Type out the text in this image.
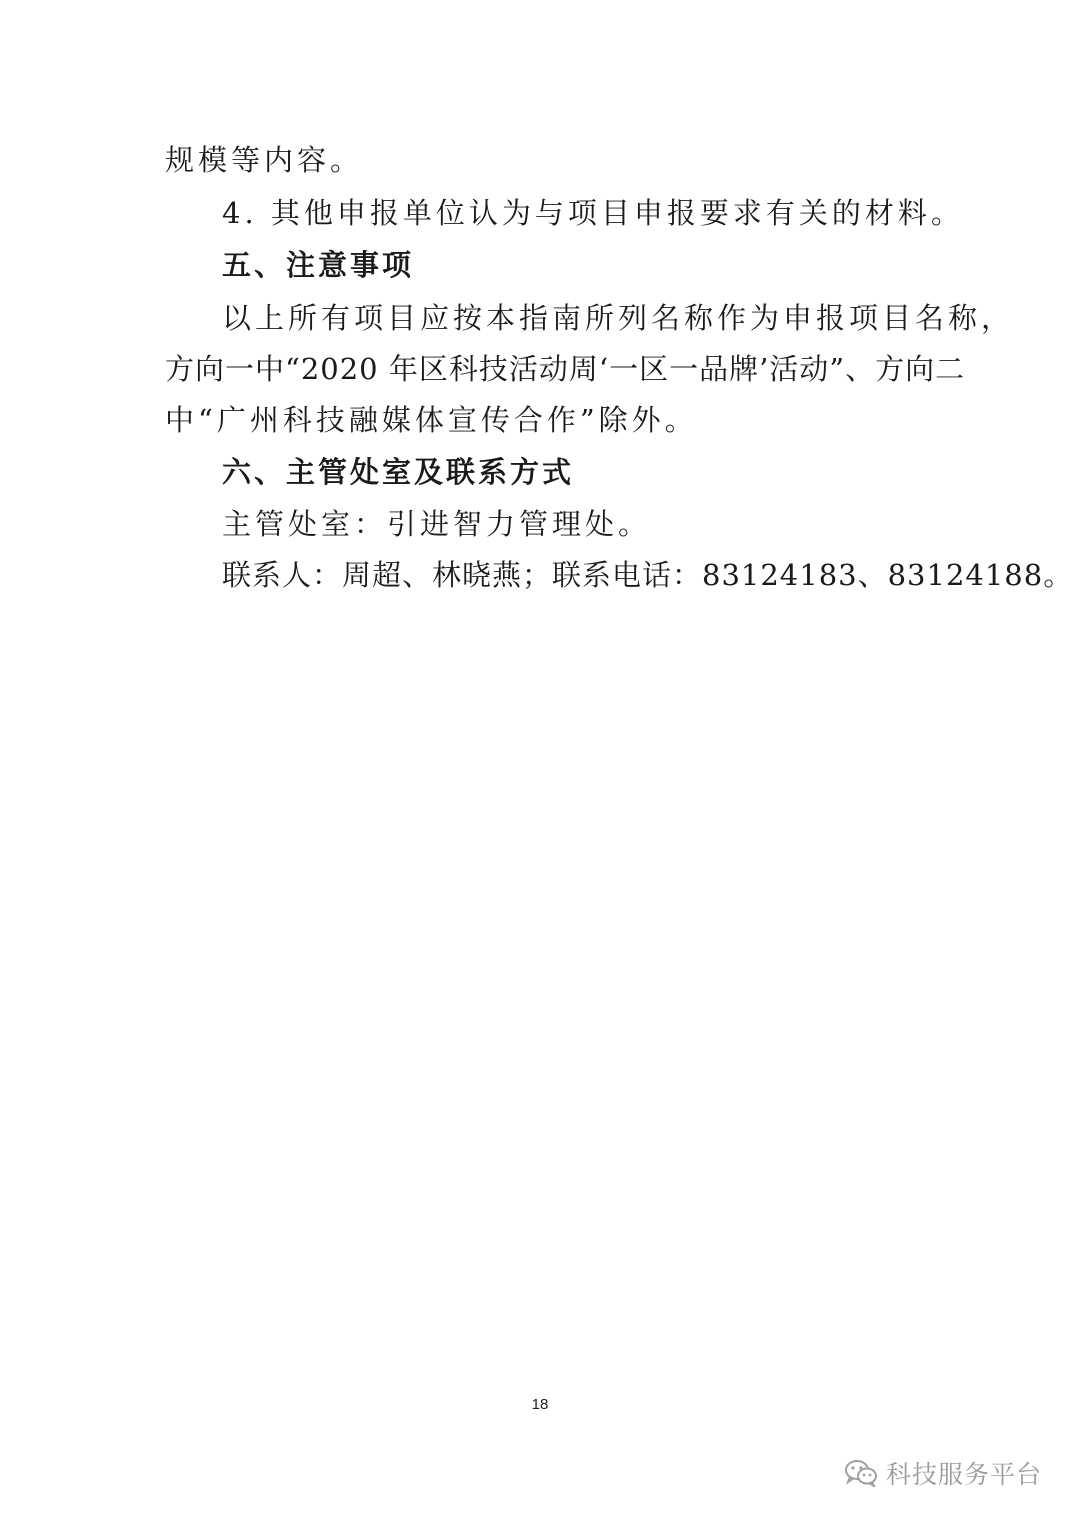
规模等内容。
4. 其他申报单位认为与项目申报要求有关的材料。
五、注意事项
以上所有项目应按本指南所列名称作为申报项目名称，
方向一中“2020 年区科技活动周‘一区一品牌’活动”、方向二
中“广州科技融媒体宣传合作”除外。
六、主管处室及联系方式
主管处室：引进智力管理处。
联系人：周超、林晓燕；联系电话：83124183、83124188。
18
科技服务平台
